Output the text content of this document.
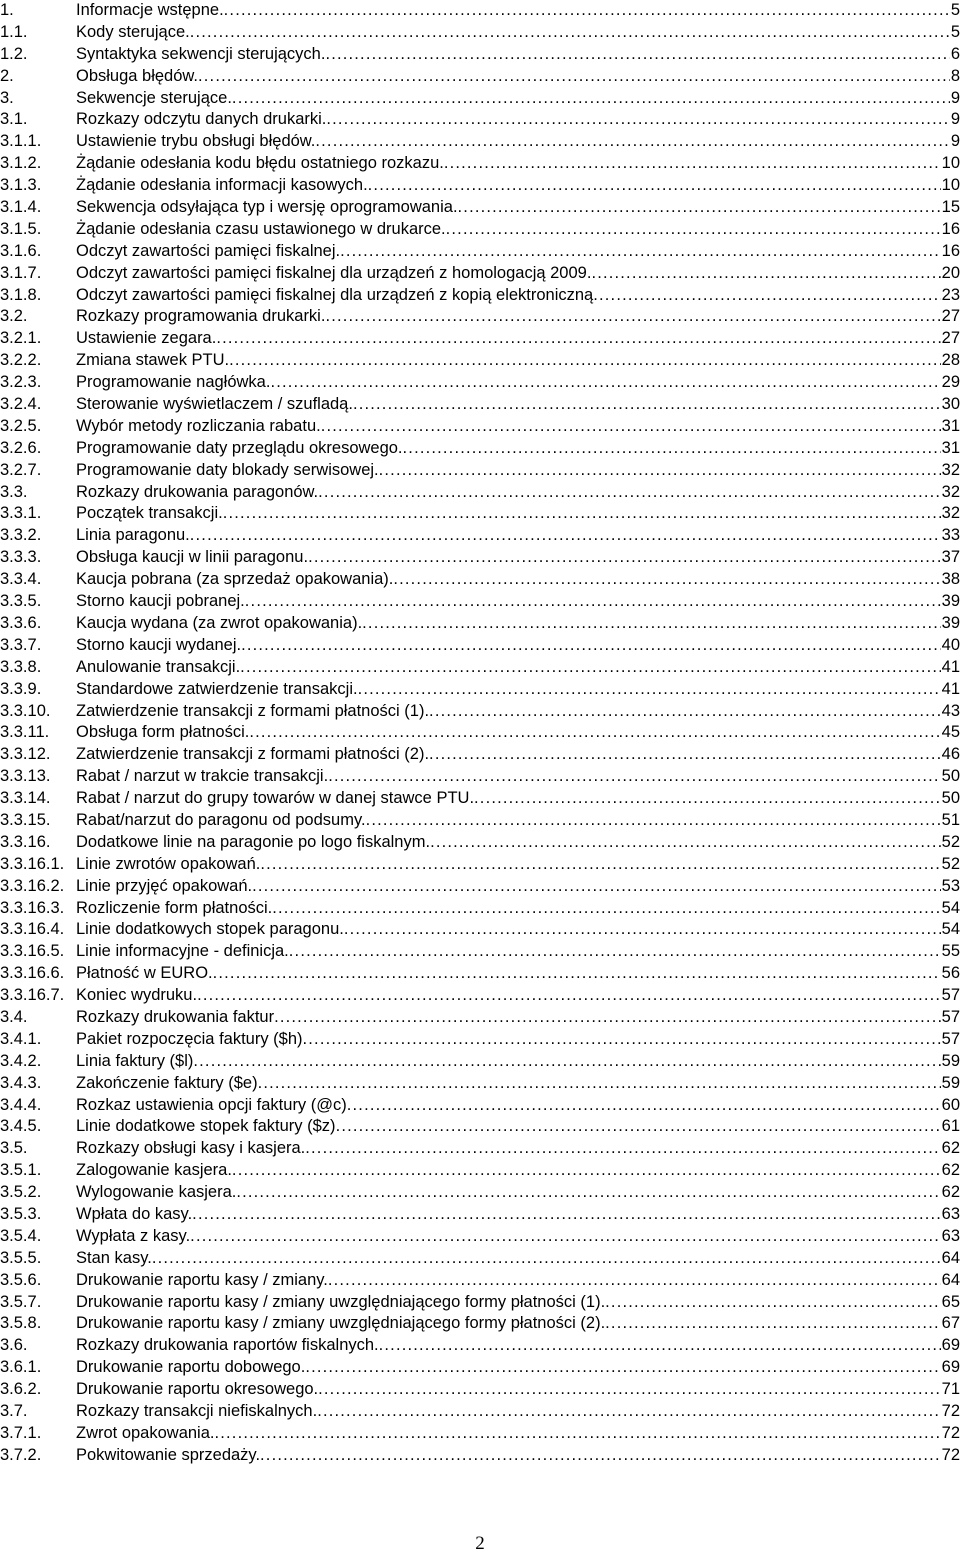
1.	Informacje wstępne. . . .	5
1.1.	Kody sterujące. . . .	5
1.2.	Syntaktyka sekwencji sterujących. . . .	6
2.	Obsługa błędów. . . .	8
3.	Sekwencje sterujące. . . .	9
3.1.	Rozkazy odczytu danych drukarki. . . .	9
3.1.1. Ustawienie trybu obsługi błędów. . . .	9
3.1.2. Żądanie odesłania kodu błędu ostatniego rozkazu. . . .	10
3.1.3. Żądanie odesłania informacji kasowych. . . .	10
3.1.4. Sekwencja odsyłająca typ i wersję oprogramowania. . . .	15
3.1.5. Żądanie odesłania czasu ustawionego w drukarce. . . .	16
3.1.6. Odczyt zawartości pamięci fiskalnej. . . .	16
3.1.7. Odczyt zawartości pamięci fiskalnej dla urządzeń z homologacją 2009. . . .	20
3.1.8. Odczyt zawartości pamięci fiskalnej dla urządzeń z kopią elektroniczną . . .	23
3.2.	Rozkazy programowania drukarki. . . .	27
3.2.1. Ustawienie zegara. . . .	27
3.2.2. Zmiana stawek PTU. . . .	28
3.2.3. Programowanie nagłówka. . . .	29
3.2.4. Sterowanie wyświetlaczem / szufladą. . . .	30
3.2.5. Wybór metody rozliczania rabatu. . . .	31
3.2.6. Programowanie daty przeglądu okresowego. . . .	31
3.2.7. Programowanie daty blokady serwisowej. . . .	32
3.3.	Rozkazy drukowania paragonów. . . .	32
3.3.1. Początek transakcji. . . .	32
3.3.2. Linia paragonu. . . .	33
3.3.3. Obsługa kaucji w linii paragonu. . . .	37
3.3.4. Kaucja pobrana (za sprzedaż opakowania). . . .	38
3.3.5. Storno kaucji pobranej. . . .	39
3.3.6. Kaucja wydana (za zwrot opakowania). . . .	39
3.3.7. Storno kaucji wydanej. . . .	40
3.3.8. Anulowanie transakcji. . . .	41
3.3.9. Standardowe zatwierdzenie transakcji. . . .	41
3.3.10. Zatwierdzenie transakcji z formami płatności (1). . . .	43
3.3.11. Obsługa form płatności. . . .	45
3.3.12. Zatwierdzenie transakcji z formami płatności (2). . . .	46
3.3.13. Rabat / narzut w trakcie transakcji. . . .	50
3.3.14. Rabat / narzut do grupy towarów w danej stawce PTU. . . .	50
3.3.15. Rabat/narzut do paragonu od podsumy. . . .	51
3.3.16. Dodatkowe linie na paragonie po logo fiskalnym. . . .	52
3.3.16.1. Linie zwrotów opakowań. . . .	52
3.3.16.2. Linie przyjęć opakowań. . . .	53
3.3.16.3. Rozliczenie form płatności. . . .	54
3.3.16.4. Linie dodatkowych stopek paragonu. . . .	54
3.3.16.5. Linie informacyjne - definicja. . . .	55
3.3.16.6. Płatność w EURO. . . .	56
3.3.16.7. Koniec wydruku. . . .	57
3.4.	Rozkazy drukowania faktur . . .	57
3.4.1. Pakiet rozpoczęcia faktury ($h) . . .	57
3.4.2. Linia faktury ($l) . . .	59
3.4.3. Zakończenie faktury ($e) . . .	59
3.4.4. Rozkaz ustawienia opcji faktury (@c) . . .	60
3.4.5. Linie dodatkowe stopek faktury ($z) . . .	61
3.5.	Rozkazy obsługi kasy i kasjera. . . .	62
3.5.1. Zalogowanie kasjera. . . .	62
3.5.2. Wylogowanie kasjera. . . .	62
3.5.3. Wpłata do kasy. . . .	63
3.5.4. Wypłata z kasy. . . .	63
3.5.5. Stan kasy. . . .	64
3.5.6. Drukowanie raportu kasy / zmiany. . . .	64
3.5.7. Drukowanie raportu kasy / zmiany uwzględniającego formy płatności (1). . . .	65
3.5.8. Drukowanie raportu kasy / zmiany uwzględniającego formy płatności (2). . . .	67
3.6.	Rozkazy drukowania raportów fiskalnych. . . .	69
3.6.1. Drukowanie raportu dobowego. . . .	69
3.6.2. Drukowanie raportu okresowego. . . .	71
3.7.	Rozkazy transakcji niefiskalnych. . . .	72
3.7.1. Zwrot opakowania. . . .	72
3.7.2. Pokwitowanie sprzedaży. . . .	72
2
